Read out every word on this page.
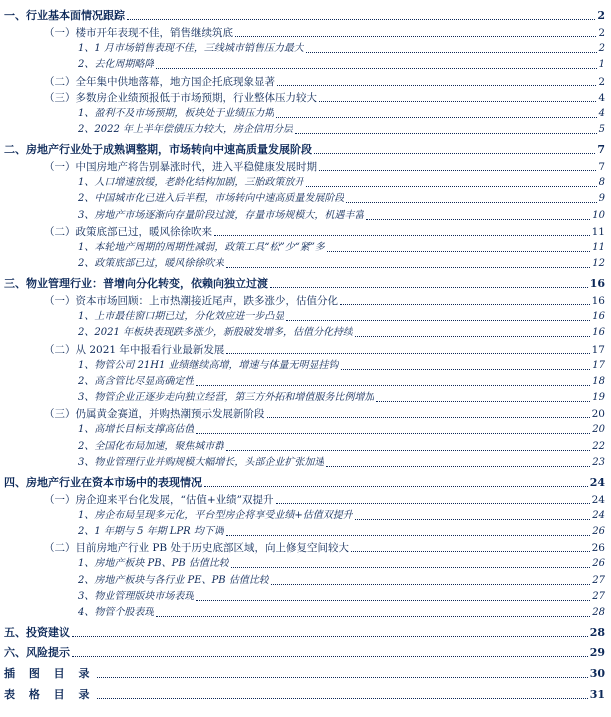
一、行业基本面情况跟踪	2
（一）楼市开年表现不佳，销售继续筑底	2
1、1 月市场销售表现不佳，三线城市销售压力最大	2
2、去化周期略降	1
（二）全年集中供地落幕，地方国企托底现象显著	2
（三）多数房企业绩预报低于市场预期，行业整体压力较大	4
1、盈利不及市场预期，板块处于业绩压力期	4
2、2022 年上半年偿债压力较大，房企信用分层	5
二、房地产行业处于成熟调整期，市场转向中速高质量发展阶段	7
（一）中国房地产将告别暴涨时代，进入平稳健康发展时期	7
1、人口增速放缓，老龄化结构加剧，三胎政策放开	8
2、中国城市化已进入后半程，市场转向中速高质量发展阶段	9
3、房地产市场逐渐向存量阶段过渡，存量市场规模大，机遇丰富	10
（二）政策底部已过，暖风徐徐吹来	11
1、本轮地产周期的周期性减弱，政策工具“松”少“紧”多	11
2、政策底部已过，暖风徐徐吹来	12
三、物业管理行业：普增向分化转变，依赖向独立过渡	16
（一）资本市场回顾：上市热潮接近尾声，跌多涨少，估值分化	16
1、上市最佳窗口期已过，分化效应进一步凸显	16
2、2021 年板块表现跌多涨少，新股破发增多，估值分化持续	16
（二）从 2021 年中报看行业最新发展	17
1、物管公司 21H1 业绩继续高增，增速与体量无明显挂钩	17
2、高含管比尽显高确定性	18
3、物管企业正逐步走向独立经营，第三方外拓和增值服务比例增加	19
（三）仍属黄金赛道，并购热潮预示发展新阶段	20
1、高增长目标支撑高估值	20
2、全国化布局加速，聚焦城市群	22
3、物业管理行业并购规模大幅增长，头部企业扩张加速	23
四、房地产行业在资本市场中的表现情况	24
（一）房企迎来平台化发展，“估值+业绩”双提升	24
1、房企布局呈现多元化，平台型房企将享受业绩+估值双提升	24
2、1 年期与 5 年期 LPR 均下调	26
（二）目前房地产行业 PB 处于历史底部区域，向上修复空间较大	26
1、房地产板块 PB、PB 估值比较	26
2、房地产板块与各行业 PE、PB 估值比较	27
3、物业管理版块市场表现	27
4、物管个股表现	28
五、投资建议	28
六、风险提示	29
插 图 目 录	30
表 格 目 录	31
